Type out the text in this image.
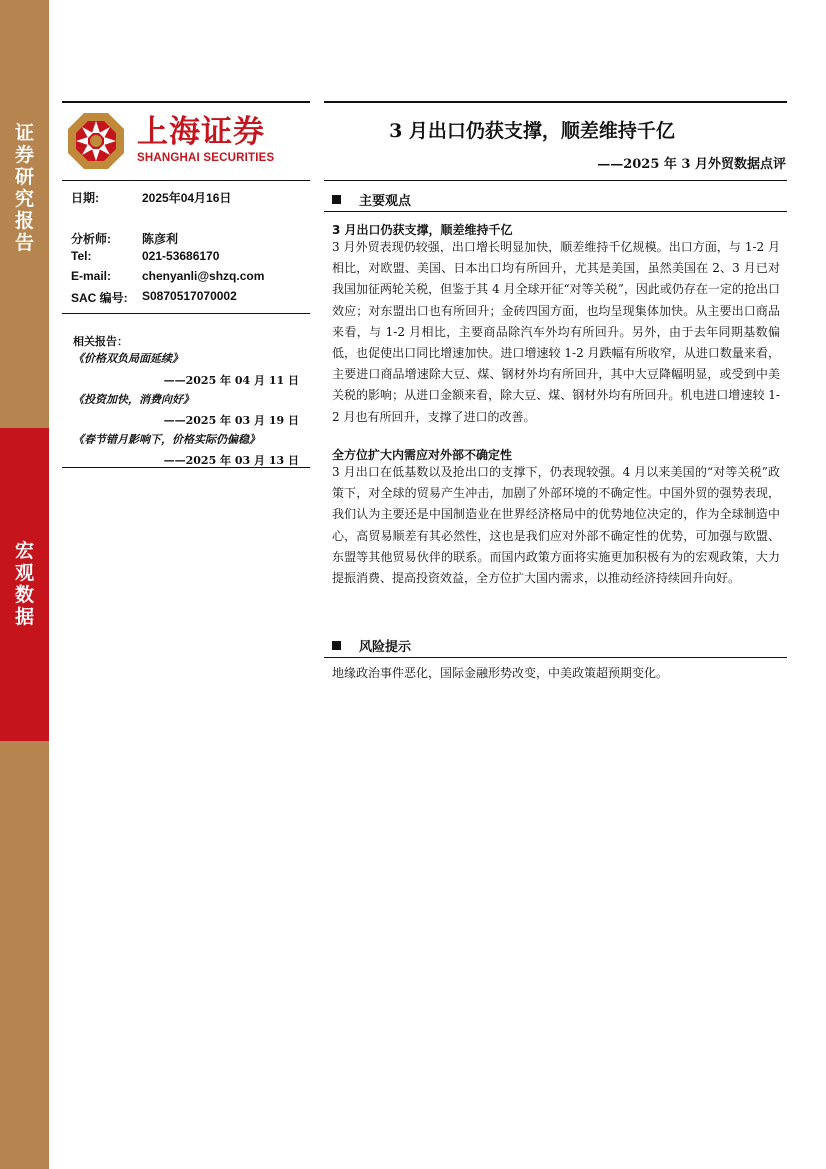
证
券
研
究
报
告
宏
观
数
据
上海证券
SHANGHAI SECURITIES
3 月出口仍获支撑，顺差维持千亿
——2025 年 3 月外贸数据点评
日期:	2025年04月16日
分析师:	陈彦利
Tel:	021-53686170
E-mail:	chenyanli@shzq.com
SAC 编号: S0870517070002
相关报告：
《价格双负局面延续》
——2025 年 04 月 11 日
《投资加快，消费向好》
——2025 年 03 月 19 日
《春节错月影响下，价格实际仍偏稳》
——2025 年 03 月 13 日
主要观点
3 月出口仍获支撑，顺差维持千亿

3 月外贸表现仍较强，出口增长明显加快，顺差维持千亿规模。出口方面，与 1-2 月相比，对欧盟、美国、日本出口均有所回升，尤其是美国，虽然美国在 2、3 月已对我国加征两轮关税，但鉴于其 4 月全球开征“对等关税”，因此或仍存在一定的抢出口效应；对东盟出口也有所回升；金砖四国方面，也均呈现集体加快。从主要出口商品来看，与 1-2 月相比，主要商品除汽车外均有所回升。另外，由于去年同期基数偏低，也促使出口同比增速加快。进口增速较 1-2 月跌幅有所收窄，从进口数量来看，主要进口商品增速除大豆、煤、钢材外均有所回升，其中大豆降幅明显，或受到中美关税的影响；从进口金额来看，除大豆、煤、钢材外均有所回升。机电进口增速较 1-2 月也有所回升，支撑了进口的改善。

全方位扩大内需应对外部不确定性

3 月出口在低基数以及抢出口的支撑下，仍表现较强。4 月以来美国的“对等关税”政策下，对全球的贸易产生冲击，加剧了外部环境的不确定性。中国外贸的强势表现，我们认为主要还是中国制造业在世界经济格局中的优势地位决定的，作为全球制造中心，高贸易顺差有其必然性，这也是我们应对外部不确定性的优势，可加强与欧盟、东盟等其他贸易伙伴的联系。而国内政策方面将实施更加积极有为的宏观政策，大力提振消费、提高投资效益，全方位扩大国内需求，以推动经济持续回升向好。

风险提示

地缘政治事件恶化，国际金融形势改变，中美政策超预期变化。
